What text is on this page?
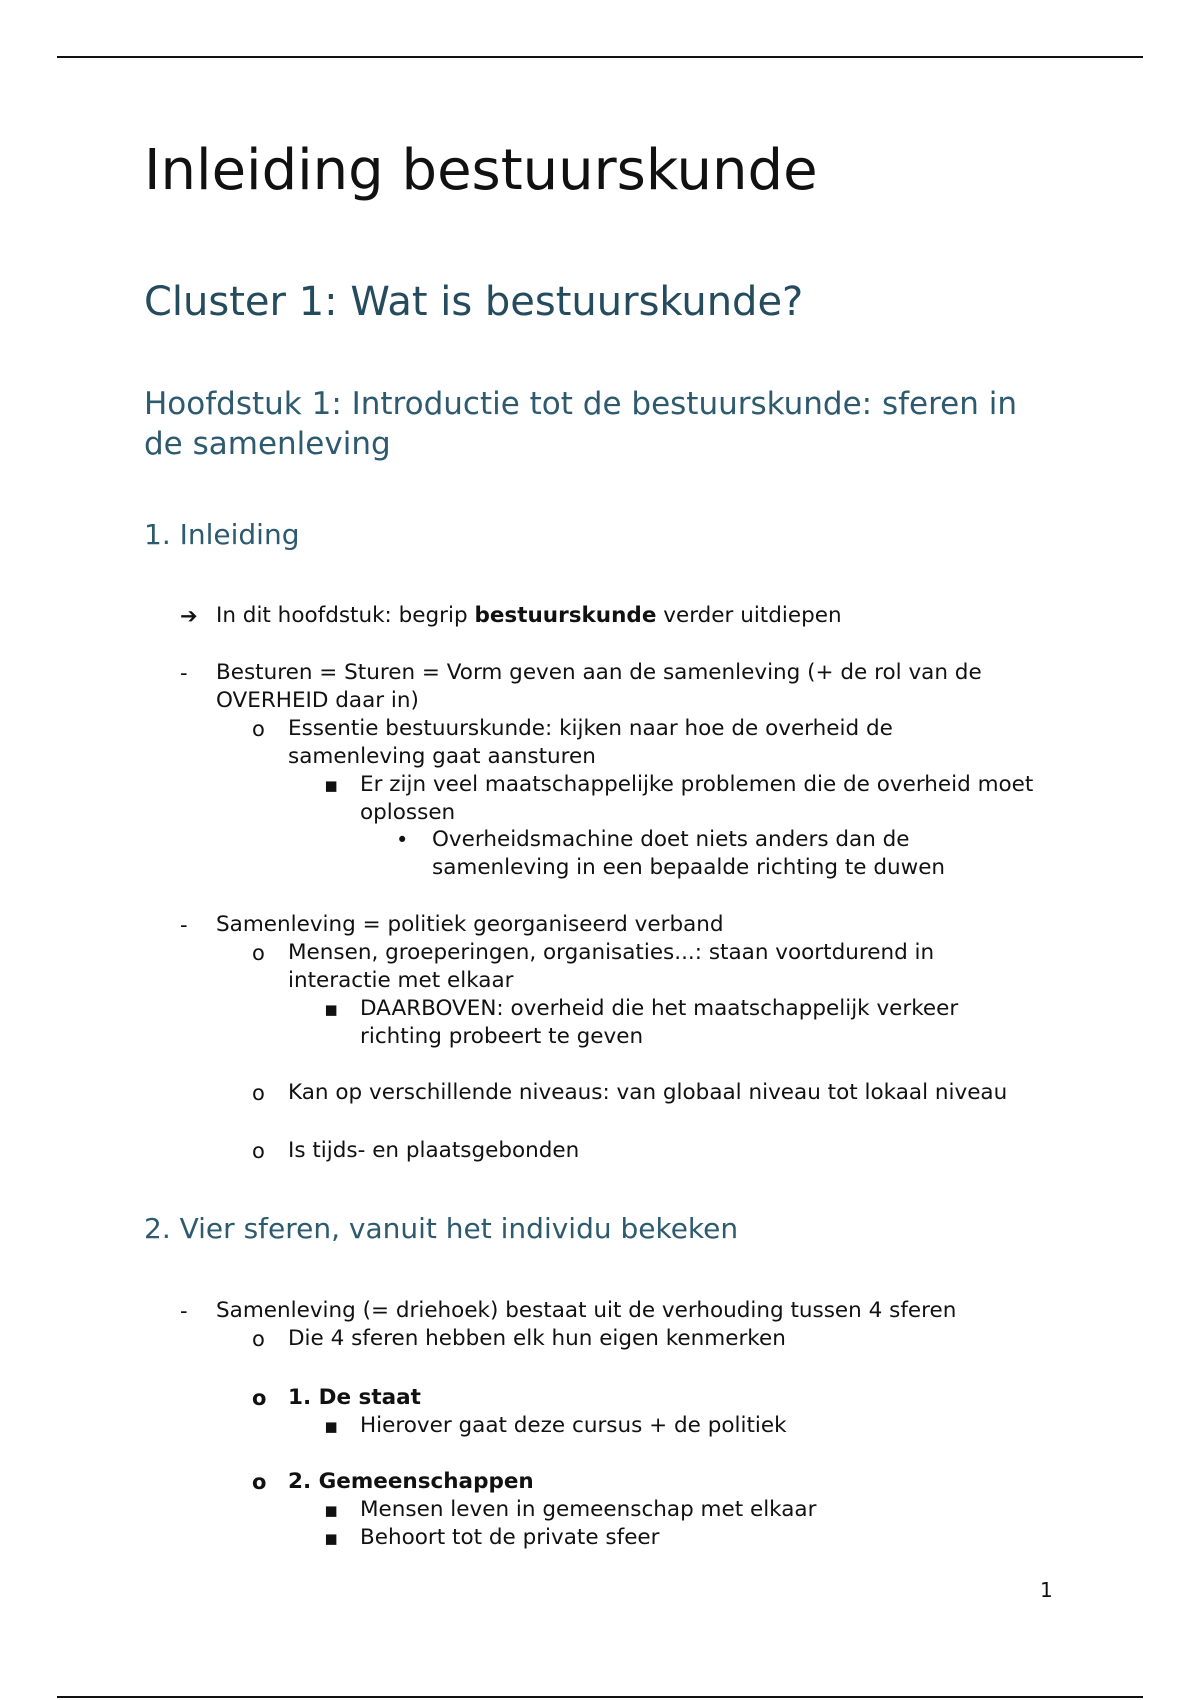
Inleiding bestuurskunde
Cluster 1: Wat is bestuurskunde?
Hoofdstuk 1: Introductie tot de bestuurskunde: sferen in de samenleving
1. Inleiding
➔ In dit hoofdstuk: begrip bestuurskunde verder uitdiepen
- Besturen = Sturen = Vorm geven aan de samenleving (+ de rol van de
OVERHEID daar in)
o Essentie bestuurskunde: kijken naar hoe de overheid de
samenleving gaat aansturen
▪ Er zijn veel maatschappelijke problemen die de overheid moet
oplossen
• Overheidsmachine doet niets anders dan de
samenleving in een bepaalde richting te duwen
- Samenleving = politiek georganiseerd verband
o Mensen, groeperingen, organisaties...: staan voortdurend in
interactie met elkaar
▪ DAARBOVEN: overheid die het maatschappelijk verkeer
richting probeert te geven
o Kan op verschillende niveaus: van globaal niveau tot lokaal niveau
o Is tijds- en plaatsgebonden
2. Vier sferen, vanuit het individu bekeken
- Samenleving (= driehoek) bestaat uit de verhouding tussen 4 sferen
o Die 4 sferen hebben elk hun eigen kenmerken
o 1. De staat
▪ Hierover gaat deze cursus + de politiek
o 2. Gemeenschappen
▪ Mensen leven in gemeenschap met elkaar
▪ Behoort tot de private sfeer
1
